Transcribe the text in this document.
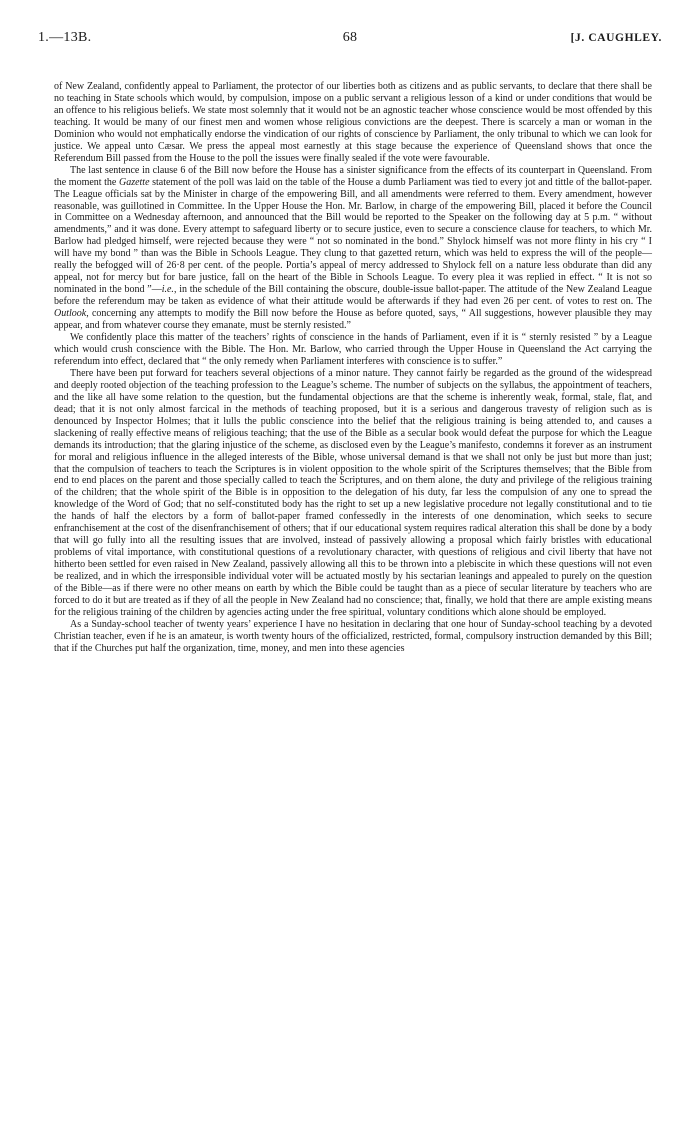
1.—13B.	68	[J. CAUGHLEY.

of New Zealand, confidently appeal to Parliament, the protector of our liberties both as citizens and as public servants, to declare that there shall be no teaching in State schools which would, by compulsion, impose on a public servant a religious lesson of a kind or under conditions that would be an offence to his religious beliefs. We state most solemnly that it would not be an agnostic teacher whose conscience would be most offended by this teaching. It would be many of our finest men and women whose religious convictions are the deepest. There is scarcely a man or woman in the Dominion who would not emphatically endorse the vindication of our rights of conscience by Parliament, the only tribunal to which we can look for justice. We appeal unto Cæsar. We press the appeal most earnestly at this stage because the experience of Queensland shows that once the Referendum Bill passed from the House to the poll the issues were finally sealed if the vote were favourable.

The last sentence in clause 6 of the Bill now before the House has a sinister significance from the effects of its counterpart in Queensland. From the moment the Gazette statement of the poll was laid on the table of the House a dumb Parliament was tied to every jot and tittle of the ballot-paper. The League officials sat by the Minister in charge of the empowering Bill, and all amendments were referred to them. Every amendment, however reasonable, was guillotined in Committee. In the Upper House the Hon. Mr. Barlow, in charge of the empowering Bill, placed it before the Council in Committee on a Wednesday afternoon, and announced that the Bill would be reported to the Speaker on the following day at 5 p.m. “ without amendments,” and it was done. Every attempt to safeguard liberty or to secure justice, even to secure a conscience clause for teachers, to which Mr. Barlow had pledged himself, were rejected because they were “ not so nominated in the bond.” Shylock himself was not more flinty in his cry “ I will have my bond ” than was the Bible in Schools League. They clung to that gazetted return, which was held to express the will of the people—really the befogged will of 26·8 per cent. of the people. Portia’s appeal of mercy addressed to Shylock fell on a nature less obdurate than did any appeal, not for mercy but for bare justice, fall on the heart of the Bible in Schools League. To every plea it was replied in effect. “ It is not so nominated in the bond ”—i.e., in the schedule of the Bill containing the obscure, double-issue ballot-paper. The attitude of the New Zealand League before the referendum may be taken as evidence of what their attitude would be afterwards if they had even 26 per cent. of votes to rest on. The Outlook, concerning any attempts to modify the Bill now before the House as before quoted, says, “ All suggestions, however plausible they may appear, and from whatever course they emanate, must be sternly resisted.”

We confidently place this matter of the teachers’ rights of conscience in the hands of Parliament, even if it is “ sternly resisted ” by a League which would crush conscience with the Bible. The Hon. Mr. Barlow, who carried through the Upper House in Queensland the Act carrying the referendum into effect, declared that “ the only remedy when Parliament interferes with conscience is to suffer.”

There have been put forward for teachers several objections of a minor nature. They cannot fairly be regarded as the ground of the widespread and deeply rooted objection of the teaching profession to the League’s scheme. The number of subjects on the syllabus, the appointment of teachers, and the like all have some relation to the question, but the fundamental objections are that the scheme is inherently weak, formal, stale, flat, and dead; that it is not only almost farcical in the methods of teaching proposed, but it is a serious and dangerous travesty of religion such as is denounced by Inspector Holmes; that it lulls the public conscience into the belief that the religious training is being attended to, and causes a slackening of really effective means of religious teaching; that the use of the Bible as a secular book would defeat the purpose for which the League demands its introduction; that the glaring injustice of the scheme, as disclosed even by the League’s manifesto, condemns it forever as an instrument for moral and religious influence in the alleged interests of the Bible, whose universal demand is that we shall not only be just but more than just; that the compulsion of teachers to teach the Scriptures is in violent opposition to the whole spirit of the Scriptures themselves; that the Bible from end to end places on the parent and those specially called to teach the Scriptures, and on them alone, the duty and privilege of the religious training of the children; that the whole spirit of the Bible is in opposition to the delegation of his duty, far less the compulsion of any one to spread the knowledge of the Word of God; that no self-constituted body has the right to set up a new legislative procedure not legally constitutional and to tie the hands of half the electors by a form of ballot-paper framed confessedly in the interests of one denomination, which seeks to secure enfranchisement at the cost of the disenfranchisement of others; that if our educational system requires radical alteration this shall be done by a body that will go fully into all the resulting issues that are involved, instead of passively allowing a proposal which fairly bristles with educational problems of vital importance, with constitutional questions of a revolutionary character, with questions of religious and civil liberty that have not hitherto been settled for even raised in New Zealand, passively allowing all this to be thrown into a plebiscite in which these questions will not even be realized, and in which the irresponsible individual voter will be actuated mostly by his sectarian leanings and appealed to purely on the question of the Bible—as if there were no other means on earth by which the Bible could be taught than as a piece of secular literature by teachers who are forced to do it but are treated as if they of all the people in New Zealand had no conscience; that, finally, we hold that there are ample existing means for the religious training of the children by agencies acting under the free spiritual, voluntary conditions which alone should be employed.

As a Sunday-school teacher of twenty years’ experience I have no hesitation in declaring that one hour of Sunday-school teaching by a devoted Christian teacher, even if he is an amateur, is worth twenty hours of the officialized, restricted, formal, compulsory instruction demanded by this Bill; that if the Churches put half the organization, time, money, and men into these agencies
